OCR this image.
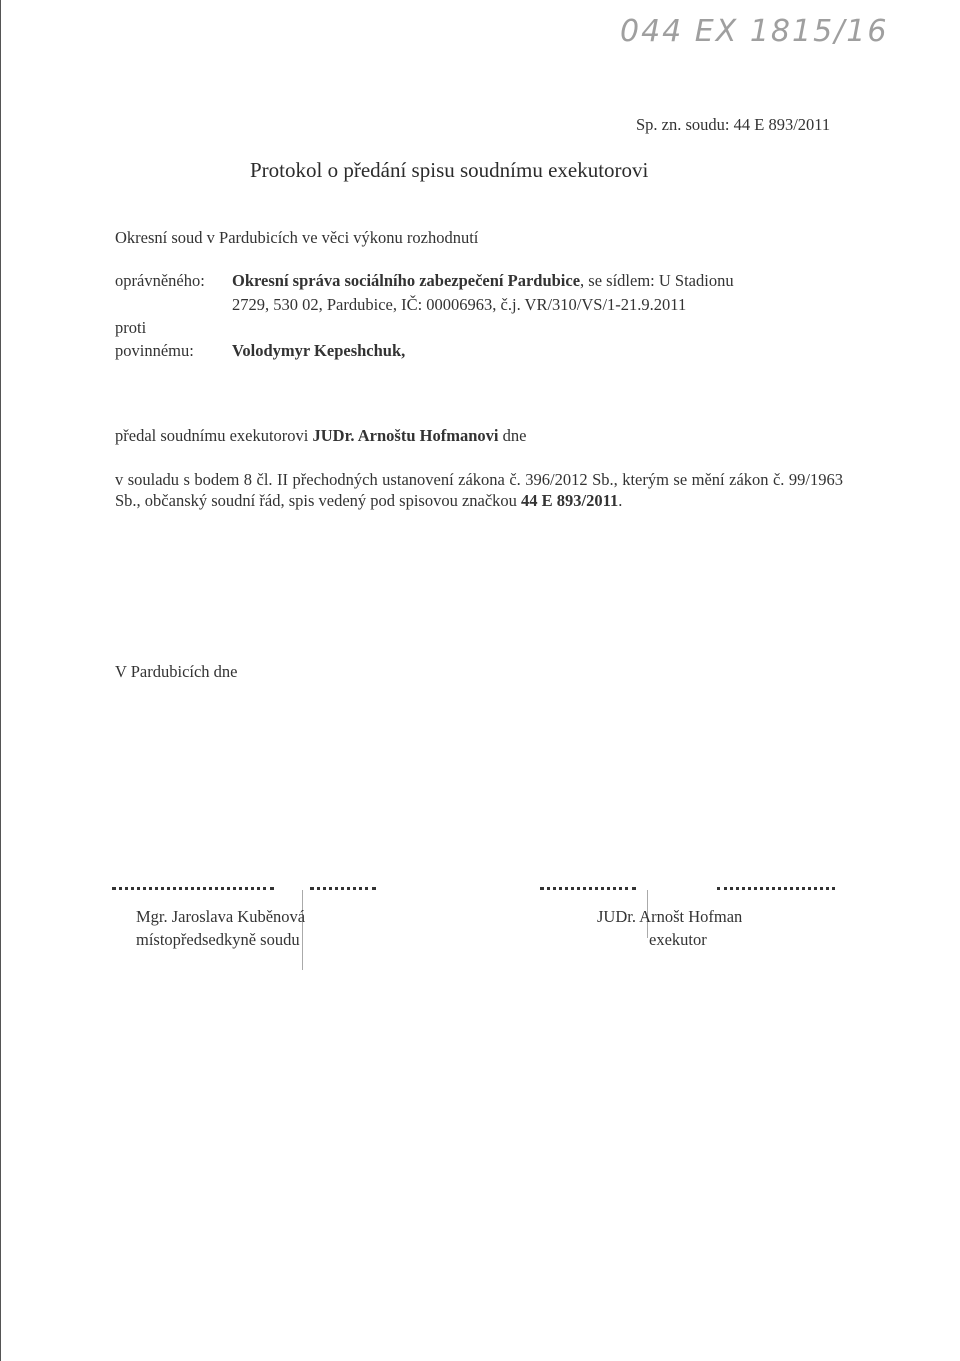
044 EX 1815/16
Sp. zn. soudu: 44 E 893/2011
Protokol o předání spisu soudnímu exekutorovi
Okresní soud v Pardubicích ve věci výkonu rozhodnutí
oprávněného: Okresní správa sociálního zabezpečení Pardubice, se sídlem: U Stadionu
2729, 530 02, Pardubice, IČ: 00006963, č.j. VR/310/VS/1-21.9.2011
proti
povinnému: Volodymyr Kepeshchuk,
předal soudnímu exekutorovi JUDr. Arnoštu Hofmanovi dne
v souladu s bodem 8 čl. II přechodných ustanovení zákona č. 396/2012 Sb., kterým se mění zákon č. 99/1963 Sb., občanský soudní řád, spis vedený pod spisovou značkou 44 E 893/2011.
V Pardubicích dne
Mgr. Jaroslava Kuběnová
místopředsedkyně soudu
JUDr. Arnošt Hofman
exekutor
